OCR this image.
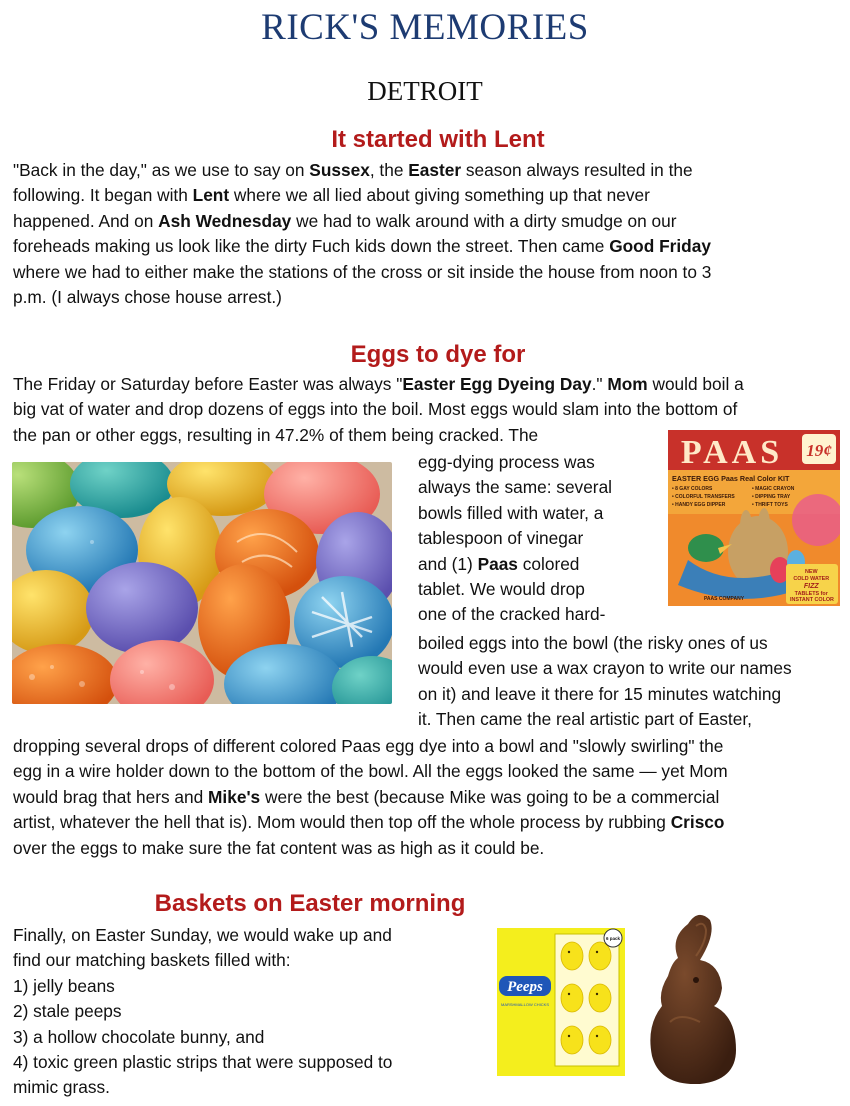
RICK'S MEMORIES
DETROIT
It started with Lent

"Back in the day," as we use to say on Sussex, the Easter season always resulted in the
following. It began with Lent where we all lied about giving something up that never
happened. And on Ash Wednesday we had to walk around with a dirty smudge on our
foreheads making us look like the dirty Fuch kids down the street. Then came Good Friday
where we had to either make the stations of the cross or sit inside the house from noon to 3
p.m. (I always chose house arrest.)

Eggs to dye for

The Friday or Saturday before Easter was always "Easter Egg Dyeing Day." Mom would boil a
big vat of water and drop dozens of eggs into the boil. Most eggs would slam into the bottom of
the pan or other eggs, resulting in 47.2% of them being cracked. The

egg-dying process was
always the same: several
bowls filled with water, a
tablespoon of vinegar
and (1) Paas colored
tablet. We would drop
one of the cracked hard-

PAAS 19¢
EASTER EGG Paas Real Color KIT
• 8 GAY COLORS	• MAGIC CRAYON
• COLORFUL TRANSFERS	• DIPPING TRAY
• HANDY EGG DIPPER	• THRIFT TOYS
NEW COLD WATER FIZZ TABLETS for INSTANT COLOR
PAAS COMPANY

boiled eggs into the bowl (the risky ones of us
would even use a wax crayon to write our names
on it) and leave it there for 15 minutes watching
it. Then came the real artistic part of Easter,

dropping several drops of different colored Paas egg dye into a bowl and "slowly swirling" the
egg in a wire holder down to the bottom of the bowl. All the eggs looked the same — yet Mom
would brag that hers and Mike's were the best (because Mike was going to be a commercial
artist, whatever the hell that is). Mom would then top off the whole process by rubbing Crisco
over the eggs to make sure the fat content was as high as it could be.

Baskets on Easter morning

Finally, on Easter Sunday, we would wake up and
find our matching baskets filled with:
1) jelly beans
2) stale peeps
3) a hollow chocolate bunny, and
4) toxic green plastic strips that were supposed to
mimic grass.

Peeps
MARSHMALLOW CHICKS
6 pack
